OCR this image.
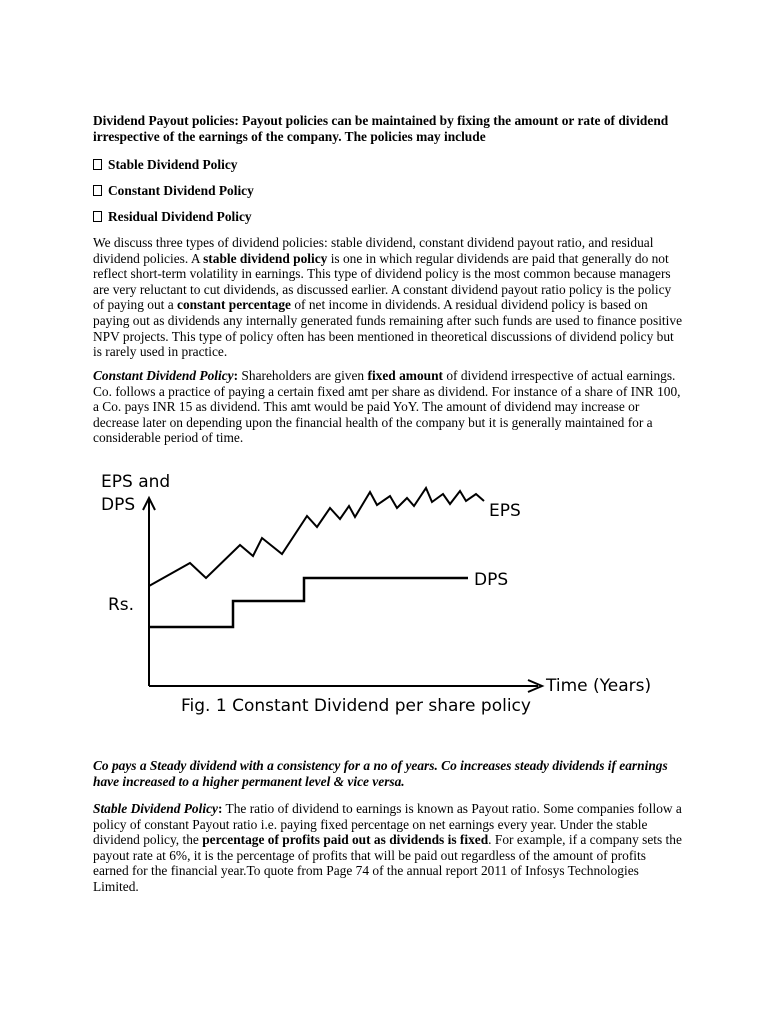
Dividend Payout policies: Payout policies can be maintained by fixing the amount or rate of dividend irrespective of the earnings of the company. The policies may include
Stable Dividend Policy
Constant Dividend Policy
Residual Dividend Policy
We discuss three types of dividend policies: stable dividend, constant dividend payout ratio, and residual dividend policies. A stable dividend policy is one in which regular dividends are paid that generally do not reflect short-term volatility in earnings. This type of dividend policy is the most common because managers are very reluctant to cut dividends, as discussed earlier. A constant dividend payout ratio policy is the policy of paying out a constant percentage of net income in dividends. A residual dividend policy is based on paying out as dividends any internally generated funds remaining after such funds are used to finance positive NPV projects. This type of policy often has been mentioned in theoretical discussions of dividend policy but is rarely used in practice.
Constant Dividend Policy: Shareholders are given fixed amount of dividend irrespective of actual earnings. Co. follows a practice of paying a certain fixed amt per share as dividend. For instance of a share of INR 100, a Co. pays INR 15 as dividend. This amt would be paid YoY. The amount of dividend may increase or decrease later on depending upon the financial health of the company but it is generally maintained for a considerable period of time.
EPS and
DPS
Rs.
EPS
DPS
Time (Years)
Fig. 1 Constant Dividend per share policy
Co pays a Steady dividend with a consistency for a no of years. Co increases steady dividends if earnings have increased to a higher permanent level & vice versa.
Stable Dividend Policy: The ratio of dividend to earnings is known as Payout ratio. Some companies follow a policy of constant Payout ratio i.e. paying fixed percentage on net earnings every year. Under the stable dividend policy, the percentage of profits paid out as dividends is fixed. For example, if a company sets the payout rate at 6%, it is the percentage of profits that will be paid out regardless of the amount of profits earned for the financial year.To quote from Page 74 of the annual report 2011 of Infosys Technologies Limited.
